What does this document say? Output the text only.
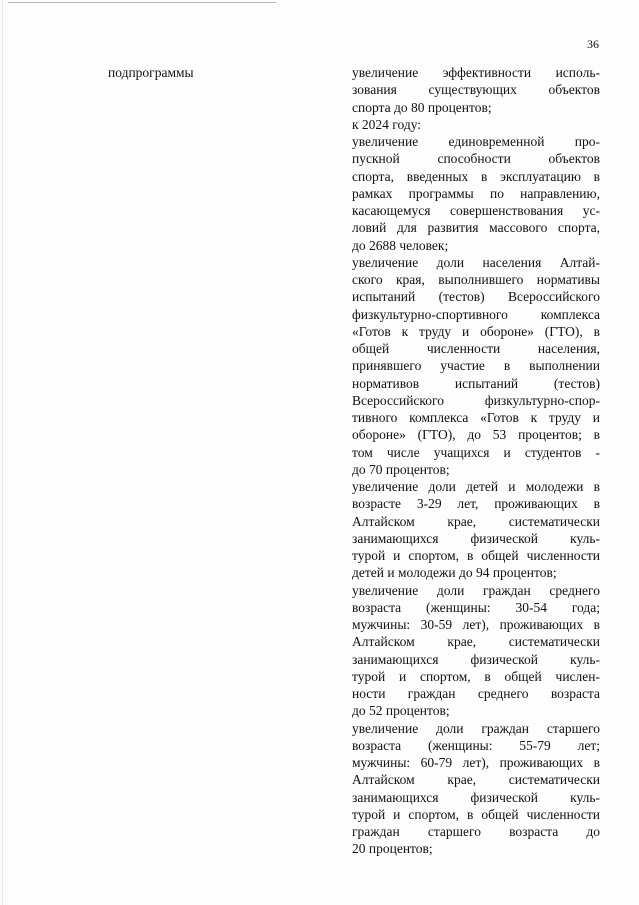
36
подпрограммы	увеличение эффективности исполь-
зования существующих объектов
спорта до 80 процентов;
к 2024 году:
увеличение единовременной про-
пускной способности объектов
спорта, введенных в эксплуатацию в
рамках программы по направлению,
касающемуся совершенствования ус-
ловий для развития массового спорта,
до 2688 человек;
увеличение доли населения Алтай-
ского края, выполнившего нормативы
испытаний (тестов) Всероссийского
физкультурно-спортивного комплекса
«Готов к труду и обороне» (ГТО), в
общей численности населения,
принявшего участие в выполнении
нормативов испытаний (тестов)
Всероссийского физкультурно-спор-
тивного комплекса «Готов к труду и
обороне» (ГТО), до 53 процентов; в
том числе учащихся и студентов -
до 70 процентов;
увеличение доли детей и молодежи в
возрасте 3-29 лет, проживающих в
Алтайском крае, систематически
занимающихся физической куль-
турой и спортом, в общей численности
детей и молодежи до 94 процентов;
увеличение доли граждан среднего
возраста (женщины: 30-54 года;
мужчины: 30-59 лет), проживающих в
Алтайском крае, систематически
занимающихся физической куль-
турой и спортом, в общей числен-
ности граждан среднего возраста
до 52 процентов;
увеличение доли граждан старшего
возраста (женщины: 55-79 лет;
мужчины: 60-79 лет), проживающих в
Алтайском крае, систематически
занимающихся физической куль-
турой и спортом, в общей численности
граждан старшего возраста до
20 процентов;
